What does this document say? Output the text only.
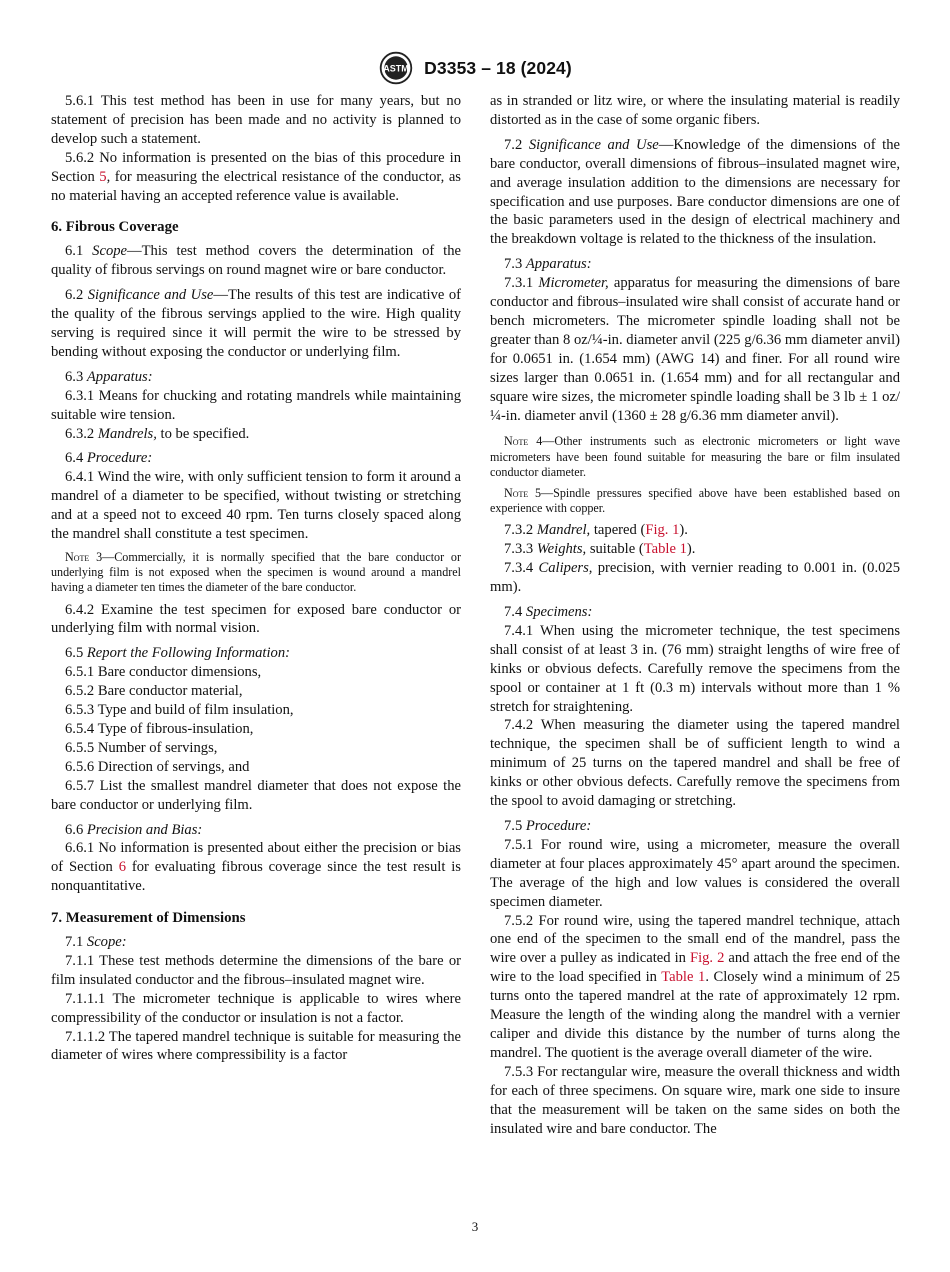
ASTM D3353 – 18 (2024)

5.6.1 This test method has been in use for many years, but no statement of precision has been made and no activity is planned to develop such a statement.

5.6.2 No information is presented on the bias of this procedure in Section 5, for measuring the electrical resistance of the conductor, as no material having an accepted reference value is available.

6. Fibrous Coverage

6.1 Scope—This test method covers the determination of the quality of fibrous servings on round magnet wire or bare conductor.

6.2 Significance and Use—The results of this test are indicative of the quality of the fibrous servings applied to the wire. High quality serving is required since it will permit the wire to be stressed by bending without exposing the conductor or underlying film.

6.3 Apparatus:

6.3.1 Means for chucking and rotating mandrels while maintaining suitable wire tension.

6.3.2 Mandrels, to be specified.

6.4 Procedure:

6.4.1 Wind the wire, with only sufficient tension to form it around a mandrel of a diameter to be specified, without twisting or stretching and at a speed not to exceed 40 rpm. Ten turns closely spaced along the mandrel shall constitute a test specimen.

Note 3—Commercially, it is normally specified that the bare conductor or underlying film is not exposed when the specimen is wound around a mandrel having a diameter ten times the diameter of the bare conductor.

6.4.2 Examine the test specimen for exposed bare conductor or underlying film with normal vision.

6.5 Report the Following Information:

6.5.1 Bare conductor dimensions,

6.5.2 Bare conductor material,

6.5.3 Type and build of film insulation,

6.5.4 Type of fibrous-insulation,

6.5.5 Number of servings,

6.5.6 Direction of servings, and

6.5.7 List the smallest mandrel diameter that does not expose the bare conductor or underlying film.

6.6 Precision and Bias:

6.6.1 No information is presented about either the precision or bias of Section 6 for evaluating fibrous coverage since the test result is nonquantitative.

7. Measurement of Dimensions

7.1 Scope:

7.1.1 These test methods determine the dimensions of the bare or film insulated conductor and the fibrous–insulated magnet wire.

7.1.1.1 The micrometer technique is applicable to wires where compressibility of the conductor or insulation is not a factor.

7.1.1.2 The tapered mandrel technique is suitable for measuring the diameter of wires where compressibility is a factor

as in stranded or litz wire, or where the insulating material is readily distorted as in the case of some organic fibers.

7.2 Significance and Use—Knowledge of the dimensions of the bare conductor, overall dimensions of fibrous–insulated magnet wire, and average insulation addition to the dimensions are necessary for specification and use purposes. Bare conductor dimensions are one of the basic parameters used in the design of electrical machinery and the breakdown voltage is related to the thickness of the insulation.

7.3 Apparatus:

7.3.1 Micrometer, apparatus for measuring the dimensions of bare conductor and fibrous–insulated wire shall consist of accurate hand or bench micrometers. The micrometer spindle loading shall not be greater than 8 oz/¼-in. diameter anvil (225 g/6.36 mm diameter anvil) for 0.0651 in. (1.654 mm) (AWG 14) and finer. For all round wire sizes larger than 0.0651 in. (1.654 mm) and for all rectangular and square wire sizes, the micrometer spindle loading shall be 3 lb ± 1 oz/¼-in. diameter anvil (1360 ± 28 g/6.36 mm diameter anvil).

Note 4—Other instruments such as electronic micrometers or light wave micrometers have been found suitable for measuring the bare or film insulated conductor diameter.

Note 5—Spindle pressures specified above have been established based on experience with copper.

7.3.2 Mandrel, tapered (Fig. 1).

7.3.3 Weights, suitable (Table 1).

7.3.4 Calipers, precision, with vernier reading to 0.001 in. (0.025 mm).

7.4 Specimens:

7.4.1 When using the micrometer technique, the test specimens shall consist of at least 3 in. (76 mm) straight lengths of wire free of kinks or obvious defects. Carefully remove the specimens from the spool or container at 1 ft (0.3 m) intervals without more than 1 % stretch for straightening.

7.4.2 When measuring the diameter using the tapered mandrel technique, the specimen shall be of sufficient length to wind a minimum of 25 turns on the tapered mandrel and shall be free of kinks or other obvious defects. Carefully remove the specimens from the spool to avoid damaging or stretching.

7.5 Procedure:

7.5.1 For round wire, using a micrometer, measure the overall diameter at four places approximately 45° apart around the specimen. The average of the high and low values is considered the overall specimen diameter.

7.5.2 For round wire, using the tapered mandrel technique, attach one end of the specimen to the small end of the mandrel, pass the wire over a pulley as indicated in Fig. 2 and attach the free end of the wire to the load specified in Table 1. Closely wind a minimum of 25 turns onto the tapered mandrel at the rate of approximately 12 rpm. Measure the length of the winding along the mandrel with a vernier caliper and divide this distance by the number of turns along the mandrel. The quotient is the average overall diameter of the wire.

7.5.3 For rectangular wire, measure the overall thickness and width for each of three specimens. On square wire, mark one side to insure that the measurement will be taken on the same sides on both the insulated wire and bare conductor. The

3
